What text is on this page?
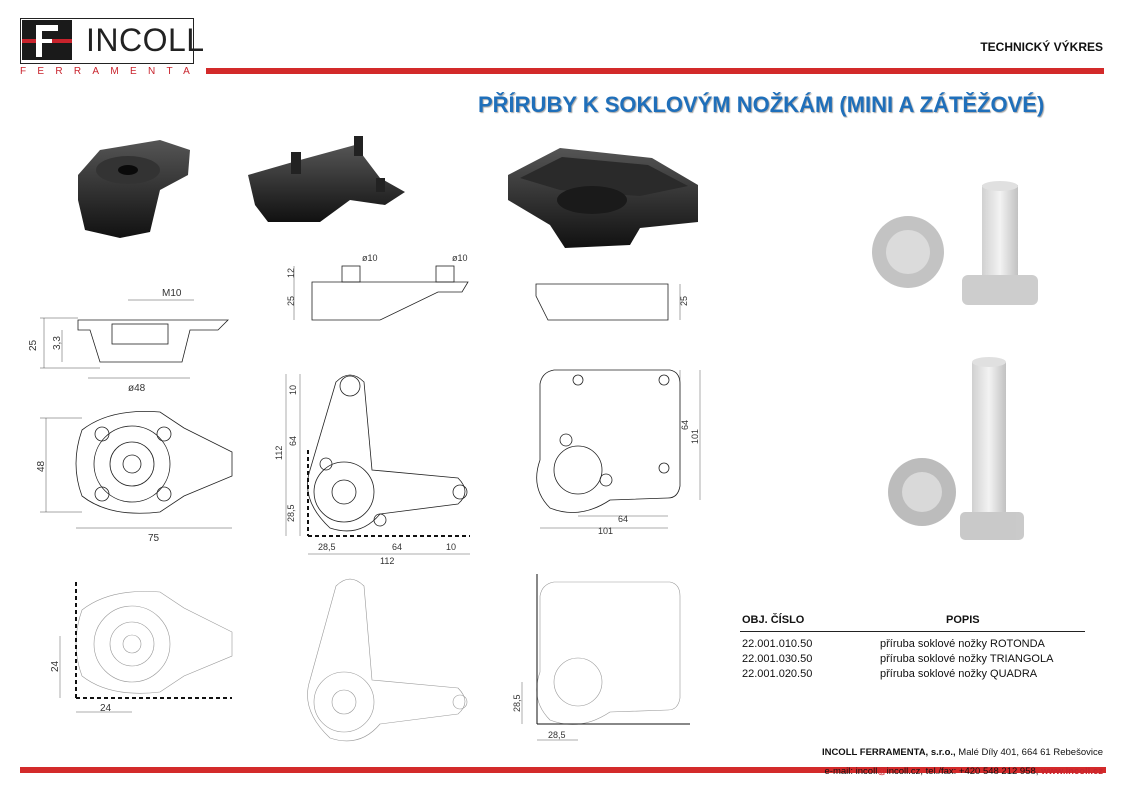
INCOLL
FERRAMENTA
TECHNICKÝ VÝKRES
PŘÍRUBY K SOKLOVÝM NOŽKÁM (MINI A ZÁTĚŽOVÉ)
M10
25 3,3
ø48
48
75
24
24
12
25
ø10	ø10
10
64
112
28,5
28,5	64	10
112
25
64
101
64
101
28,5
28,5
OBJ. ČÍSLO	POPIS
22.001.010.50	příruba soklové nožky ROTONDA
22.001.030.50	příruba soklové nožky TRIANGOLA
22.001.020.50	příruba soklové nožky QUADRA
INCOLL FERRAMENTA, s.r.o., Malé Díly 401, 664 61 Rebešovice
e-mail: incoll@incoll.cz, tel./fax: +420 548 212 958, www.incoll.cz
